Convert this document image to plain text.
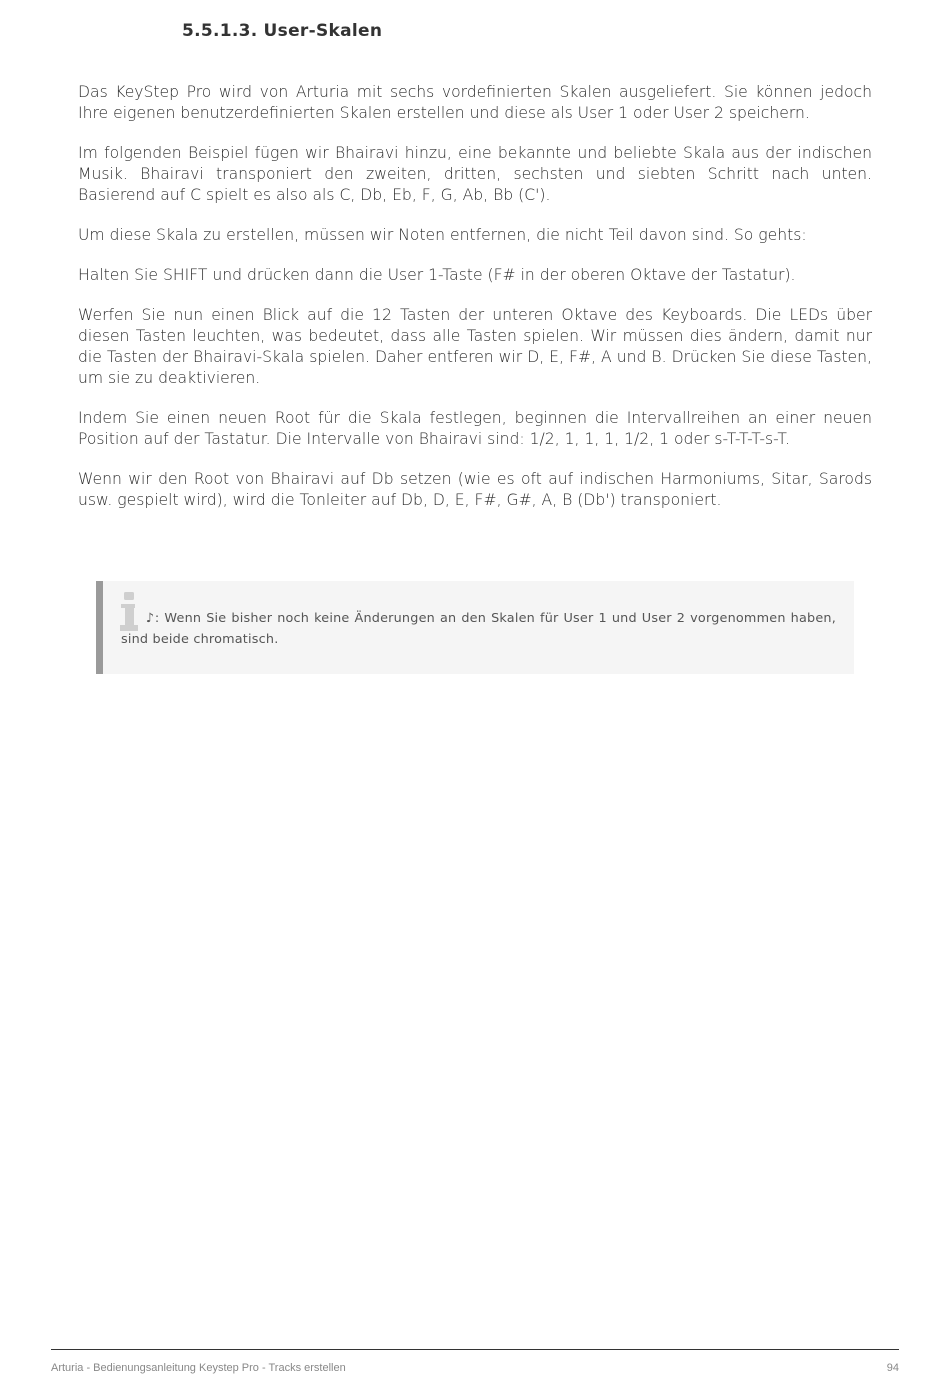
5.5.1.3. User-Skalen

Das KeyStep Pro wird von Arturia mit sechs vordefinierten Skalen ausgeliefert. Sie können jedoch Ihre eigenen benutzerdefinierten Skalen erstellen und diese als User 1 oder User 2 speichern.

Im folgenden Beispiel fügen wir Bhairavi hinzu, eine bekannte und beliebte Skala aus der indischen Musik. Bhairavi transponiert den zweiten, dritten, sechsten und siebten Schritt nach unten. Basierend auf C spielt es also als C, Db, Eb, F, G, Ab, Bb (C').

Um diese Skala zu erstellen, müssen wir Noten entfernen, die nicht Teil davon sind. So gehts:

Halten Sie SHIFT und drücken dann die User 1-Taste (F# in der oberen Oktave der Tastatur).

Werfen Sie nun einen Blick auf die 12 Tasten der unteren Oktave des Keyboards. Die LEDs über diesen Tasten leuchten, was bedeutet, dass alle Tasten spielen. Wir müssen dies ändern, damit nur die Tasten der Bhairavi-Skala spielen. Daher entferen wir D, E, F#, A und B. Drücken Sie diese Tasten, um sie zu deaktivieren.

Indem Sie einen neuen Root für die Skala festlegen, beginnen die Intervallreihen an einer neuen Position auf der Tastatur. Die Intervalle von Bhairavi sind: 1/2, 1, 1, 1, 1/2, 1 oder s-T-T-T-s-T.

Wenn wir den Root von Bhairavi auf Db setzen (wie es oft auf indischen Harmoniums, Sitar, Sarods usw. gespielt wird), wird die Tonleiter auf Db, D, E, F#, G#, A, B (Db') transponiert.

♪: Wenn Sie bisher noch keine Änderungen an den Skalen für User 1 und User 2 vorgenommen haben, sind beide chromatisch.

Arturia - Bedienungsanleitung Keystep Pro - Tracks erstellen	94
